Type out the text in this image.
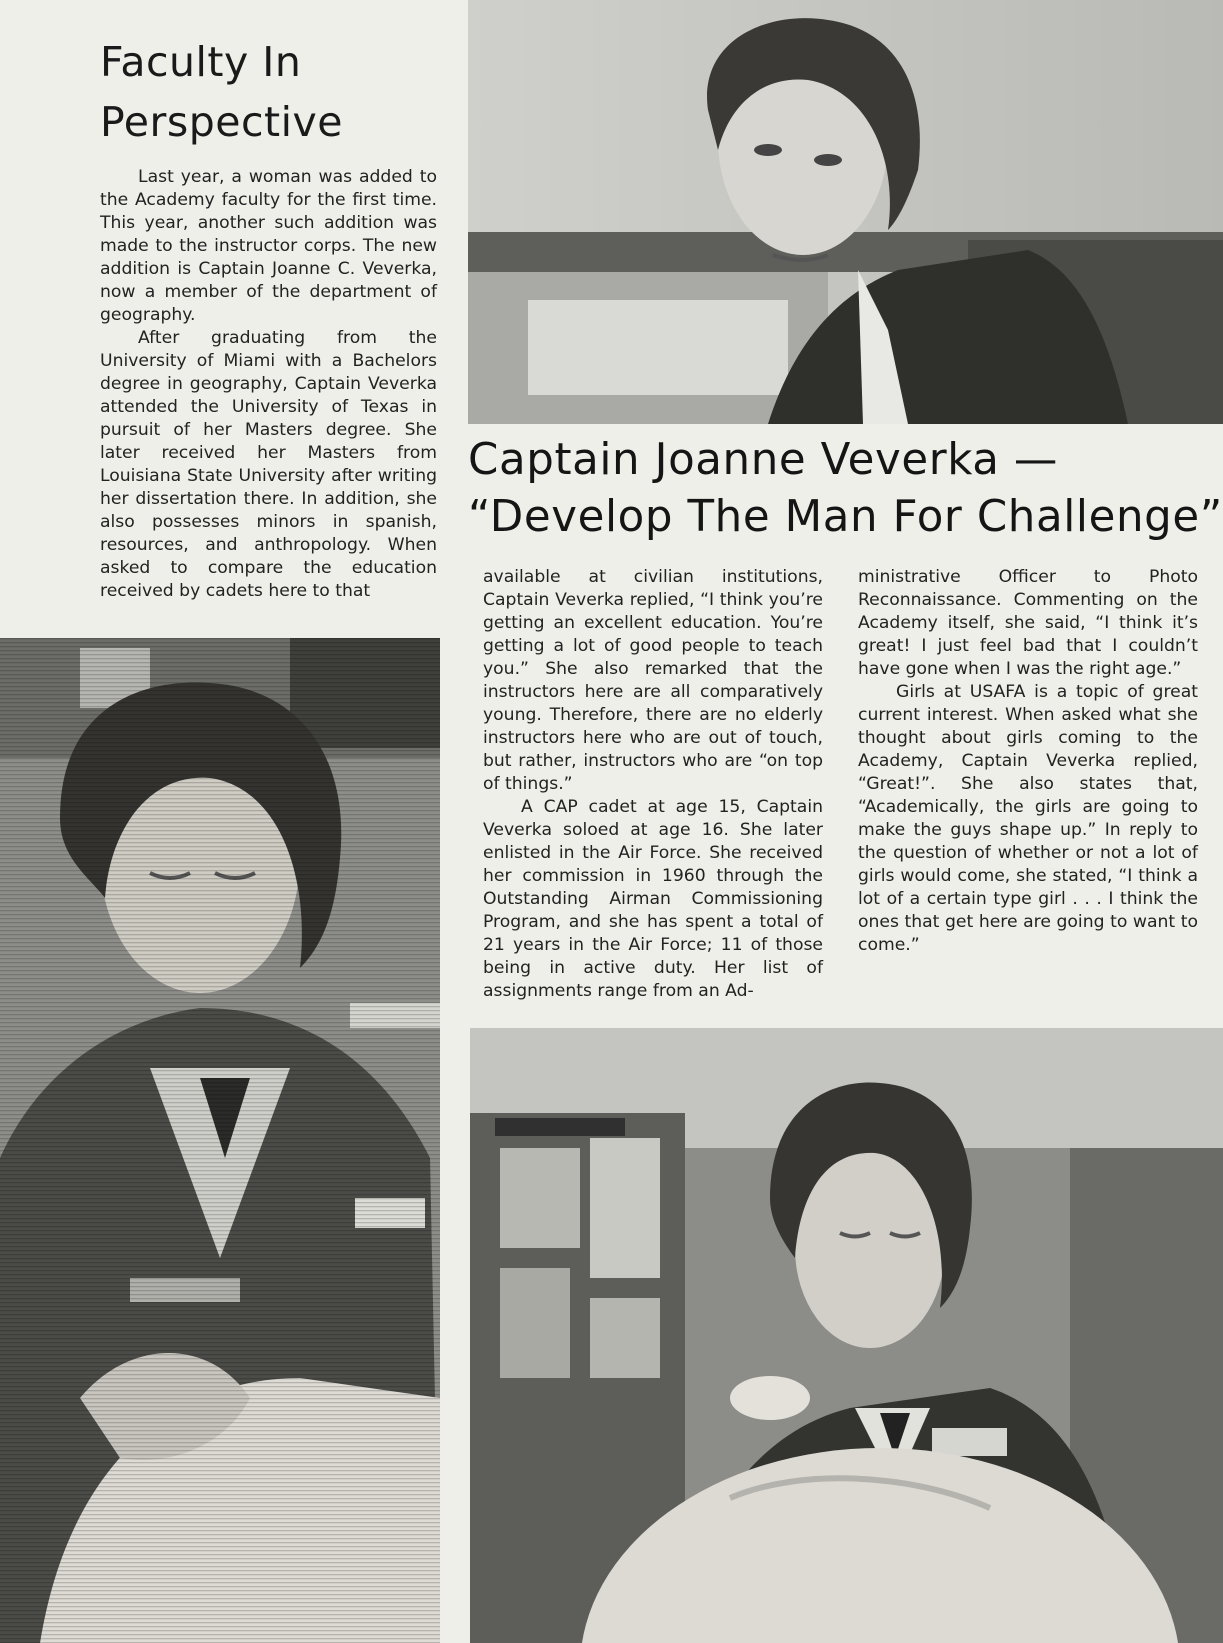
Faculty In
Perspective

Last year, a woman was added to the Academy faculty for the first time. This year, another such addition was made to the instructor corps. The new addition is Captain Joanne C. Veverka, now a member of the department of geography.

After graduating from the University of Miami with a Bachelors degree in geography, Captain Veverka attended the University of Texas in pursuit of her Masters degree. She later received her Masters from Louisiana State University after writing her dissertation there. In addition, she also possesses minors in spanish, resources, and anthropology. When asked to compare the education received by cadets here to that

Captain Joanne Veverka —
“Develop The Man For Challenge”

available at civilian institutions, Captain Veverka replied, “I think you’re getting an excellent education. You’re getting a lot of good people to teach you.” She also remarked that the instructors here are all comparatively young. Therefore, there are no elderly instructors here who are out of touch, but rather, instructors who are “on top of things.”

A CAP cadet at age 15, Captain Veverka soloed at age 16. She later enlisted in the Air Force. She received her commission in 1960 through the Outstanding Airman Commissioning Program, and she has spent a total of 21 years in the Air Force; 11 of those being in active duty. Her list of assignments range from an Ad-

ministrative Officer to Photo Reconnaissance. Commenting on the Academy itself, she said, “I think it’s great! I just feel bad that I couldn’t have gone when I was the right age.”

Girls at USAFA is a topic of great current interest. When asked what she thought about girls coming to the Academy, Captain Veverka replied, “Great!”. She also states that, “Academically, the girls are going to make the guys shape up.” In reply to the question of whether or not a lot of girls would come, she stated, “I think a lot of a certain type girl . . . I think the ones that get here are going to want to come.”
